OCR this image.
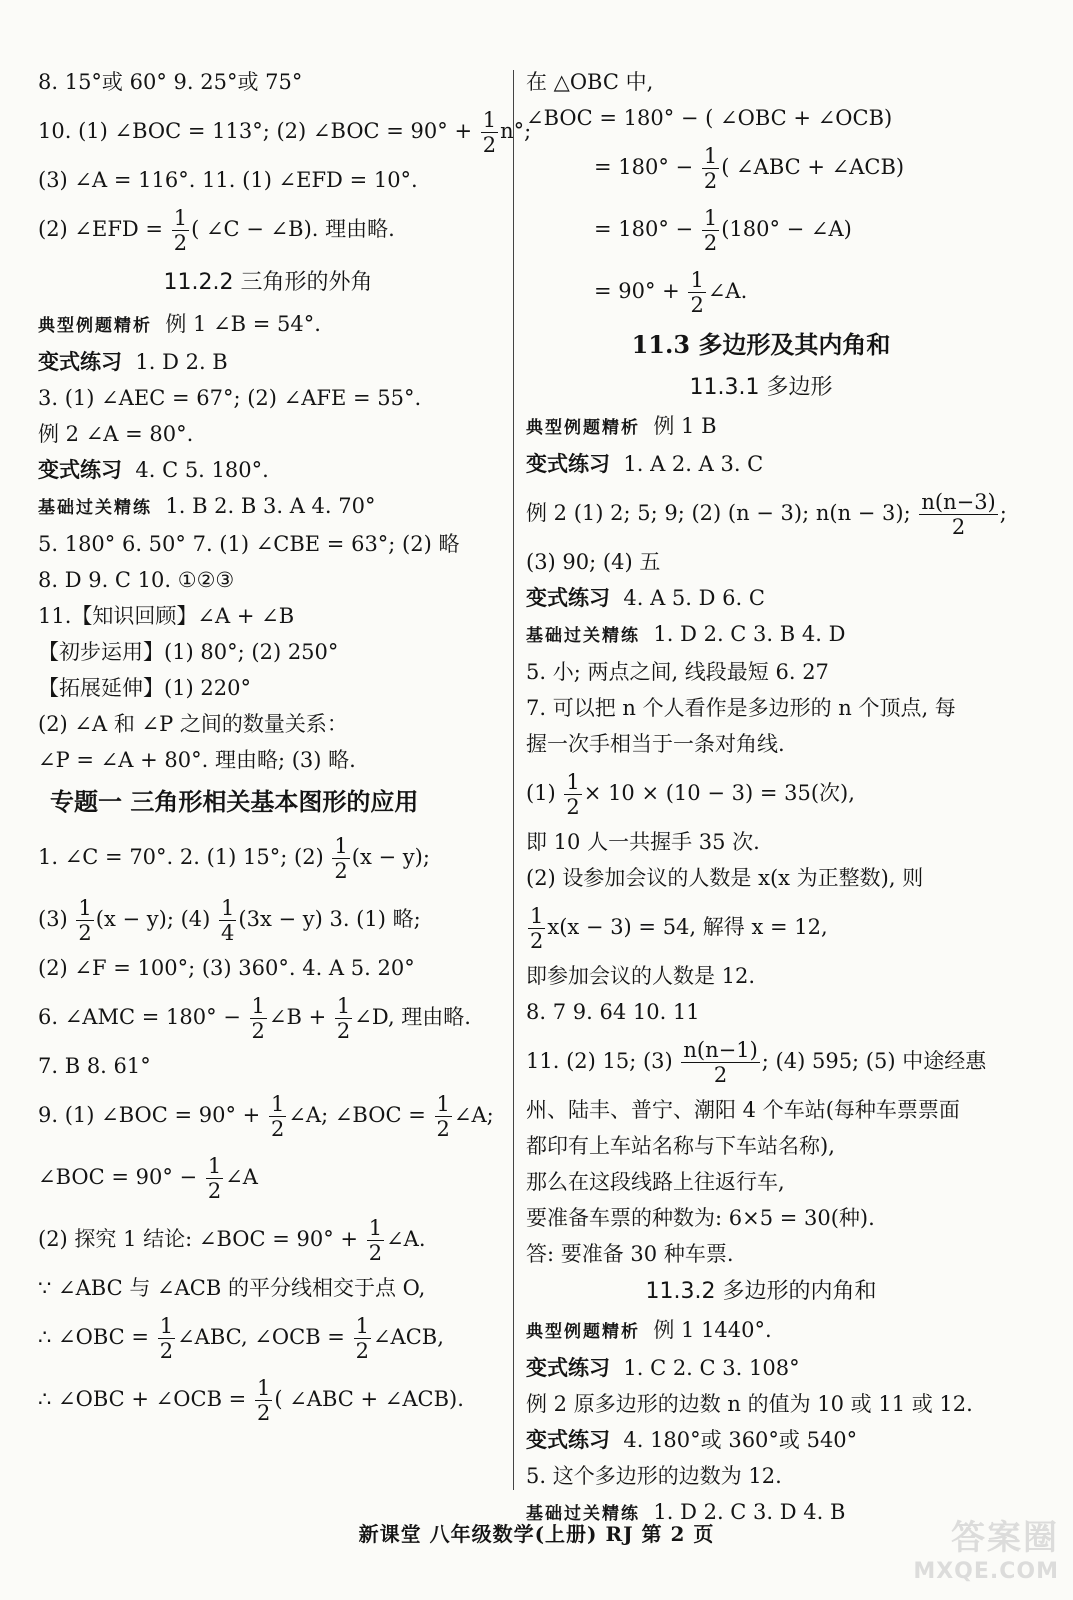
8. 15°或 60° 9. 25°或 75°
10. (1) ∠BOC = 113°; (2) ∠BOC = $90^\circ + \frac{1}{2} n^\circ$;
(3) ∠A = 116°. 11. (1) ∠EFD = 10°.
(2) ∠EFD = $\frac{1}{2}$ ( ∠C − ∠B). 理由略.
11.2.2 三角形的外角
典型例题精析 例 1 ∠B = 54°.
变式练习 1. D 2. B
3. (1) ∠AEC = 67°; (2) ∠AFE = 55°.
例 2 ∠A = 80°.
变式练习 4. C 5. 180°.
基础过关精练 1. B 2. B 3. A 4. 70°
5. 180° 6. 50° 7. (1) ∠CBE = 63°; (2) 略
8. D 9. C 10. ①②③
11.【知识回顾】∠A + ∠B
【初步运用】(1) 80°; (2) 250°
【拓展延伸】(1) 220°
(2) ∠A 和 ∠P 之间的数量关系：
∠P = ∠A + 80°. 理由略; (3) 略.
专题一 三角形相关基本图形的应用
1. ∠C = 70°. 2. (1) 15°; $(2) \frac{1}{2} (x - y)$;
$(3) \frac{1}{2} (x - y)$; $(4) \frac{1}{4} (3x - y)$ 3. (1) 略;
(2) ∠F = 100°; (3) 360°. 4. A 5. 20°
6. ∠AMC = $180^\circ - \frac{1}{2}$ ∠B + $\frac{1}{2}$ ∠D, 理由略.
7. B 8. 61°
9. (1) ∠BOC = $90^\circ + \frac{1}{2}$ ∠A; ∠BOC = $\frac{1}{2}$ ∠A;
∠BOC = $90^\circ - \frac{1}{2}$ ∠A
(2) 探究 1 结论: ∠BOC = $90^\circ + \frac{1}{2}$ ∠A.
∵ ∠ABC 与 ∠ACB 的平分线相交于点 O,
∴ ∠OBC = $\frac{1}{2}$ ∠ABC, ∠OCB = $\frac{1}{2}$ ∠ACB,
∴ ∠OBC + ∠OCB = $\frac{1}{2}$ ( ∠ABC + ∠ACB).
在 △OBC 中,
∠BOC = 180° − ( ∠OBC + ∠OCB)
= $180^\circ - \frac{1}{2}$ ( ∠ABC + ∠ACB)
= $180^\circ - \frac{1}{2} (180^\circ$ − ∠A)
= $90^\circ + \frac{1}{2}$ ∠A.
11.3 多边形及其内角和
11.3.1 多边形
典型例题精析 例 1 B
变式练习 1. A 2. A 3. C
例 2 (1) 2; 5; 9; (2) (n − 3); n(n − 3); $\frac{n(n-3)}{2}$ ;
(3) 90; (4) 五
变式练习 4. A 5. D 6. C
基础过关精练 1. D 2. C 3. B 4. D
5. 小; 两点之间, 线段最短 6. 27
7. 可以把 n 个人看作是多边形的 n 个顶点, 每
握一次手相当于一条对角线.
$(1) \frac{1}{2} \times 10 \times (10 - 3) = 35$(次),
即 10 人一共握手 35 次.
(2) 设参加会议的人数是 x(x 为正整数), 则
$\frac{1}{2} x(x - 3) = 54$, 解得 x = 12,
即参加会议的人数是 12.
8. 7 9. 64 10. 11
11. (2) 15; $(3) \frac{n(n-1)}{2}$ ; (4) 595; (5) 中途经惠
州、陆丰、普宁、潮阳 4 个车站(每种车票票面
都印有上车站名称与下车站名称),
那么在这段线路上往返行车,
要准备车票的种数为: 6×5 = 30(种).
答: 要准备 30 种车票.
11.3.2 多边形的内角和
典型例题精析 例 1 1440°.
变式练习 1. C 2. C 3. 108°
例 2 原多边形的边数 n 的值为 10 或 11 或 12.
变式练习 4. 180°或 360°或 540°
5. 这个多边形的边数为 12.
基础过关精练 1. D 2. C 3. D 4. B
新课堂 八年级数学(上册) RJ 第 2 页	答案圈
MXQE.COM
